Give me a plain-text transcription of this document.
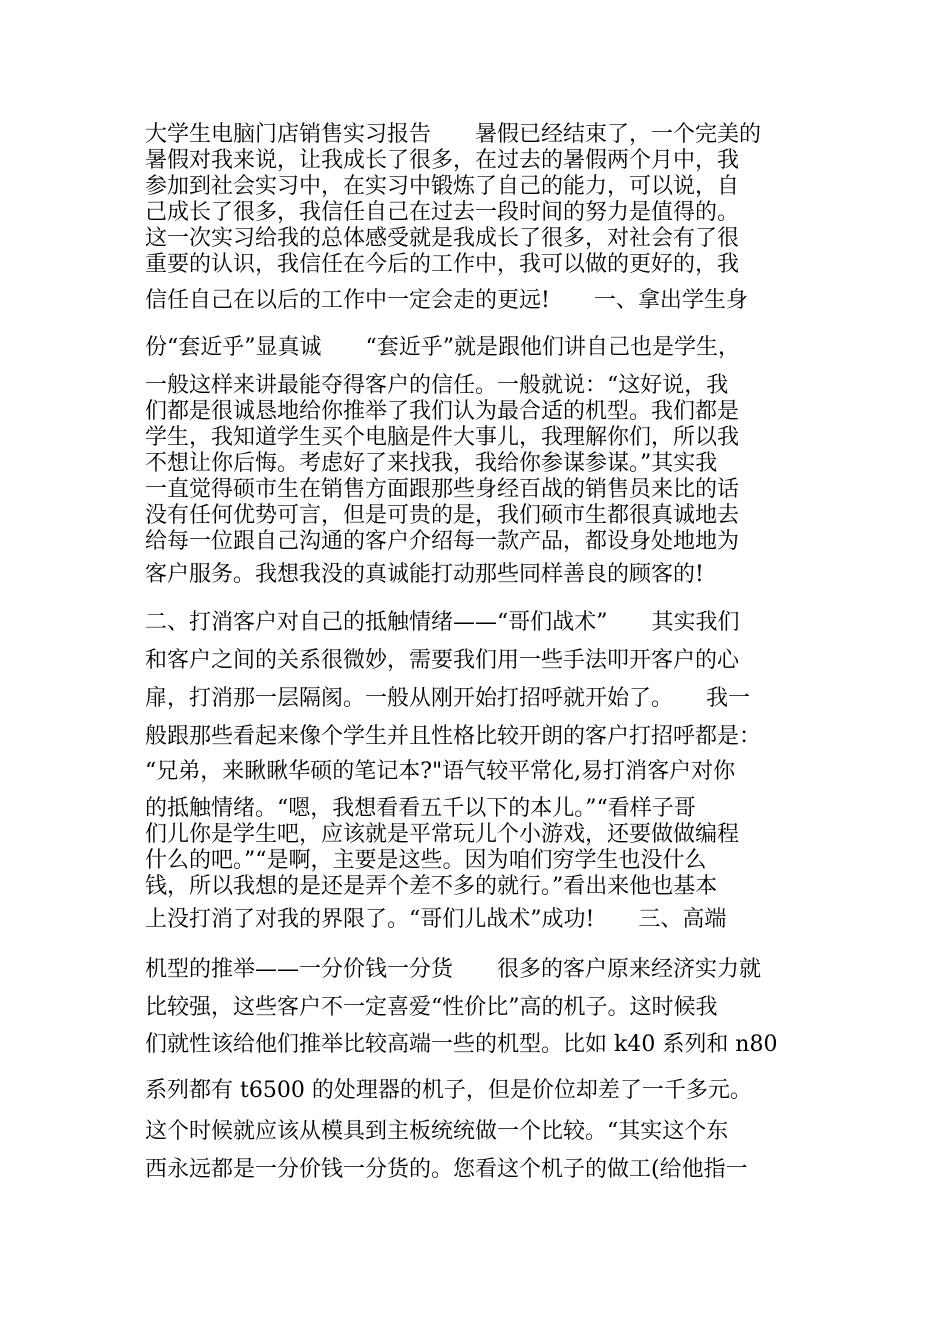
大学生电脑门店销售实习报告　　暑假已经结束了，一个完美的
暑假对我来说，让我成长了很多，在过去的暑假两个月中，我
参加到社会实习中，在实习中锻炼了自己的能力，可以说，自
己成长了很多，我信任自己在过去一段时间的努力是值得的。
这一次实习给我的总体感受就是我成长了很多，对社会有了很
重要的认识，我信任在今后的工作中，我可以做的更好的，我
信任自己在以后的工作中一定会走的更远!　　一、拿出学生身
份“套近乎”显真诚　　“套近乎”就是跟他们讲自己也是学生，
一般这样来讲最能夺得客户的信任。一般就说：“这好说，我
们都是很诚恳地给你推举了我们认为最合适的机型。我们都是
学生，我知道学生买个电脑是件大事儿，我理解你们，所以我
不想让你后悔。考虑好了来找我，我给你参谋参谋。”其实我
一直觉得硕市生在销售方面跟那些身经百战的销售员来比的话
没有任何优势可言，但是可贵的是，我们硕市生都很真诚地去
给每一位跟自己沟通的客户介绍每一款产品，都设身处地地为
客户服务。我想我没的真诚能打动那些同样善良的顾客的!
二、打消客户对自己的抵触情绪——“哥们战术”　　其实我们
和客户之间的关系很微妙，需要我们用一些手法叩开客户的心
扉，打消那一层隔阂。一般从刚开始打招呼就开始了。　　我一
般跟那些看起来像个学生并且性格比较开朗的客户打招呼都是：
“兄弟，来瞅瞅华硕的笔记本?"语气较平常化,易打消客户对你
的抵触情绪。“嗯，我想看看五千以下的本儿。”“看样子哥
们儿你是学生吧，应该就是平常玩儿个小游戏，还要做做编程
什么的吧。”“是啊，主要是这些。因为咱们穷学生也没什么
钱，所以我想的是还是弄个差不多的就行。”看出来他也基本
上没打消了对我的界限了。“哥们儿战术”成功!　　三、高端
机型的推举——一分价钱一分货　　很多的客户原来经济实力就
比较强，这些客户不一定喜爱“性价比”高的机子。这时候我
们就性该给他们推举比较高端一些的机型。比如 k40 系列和 n80
系列都有 t6500 的处理器的机子，但是价位却差了一千多元。
这个时候就应该从模具到主板统统做一个比较。“其实这个东
西永远都是一分价钱一分货的。您看这个机子的做工(给他指一
